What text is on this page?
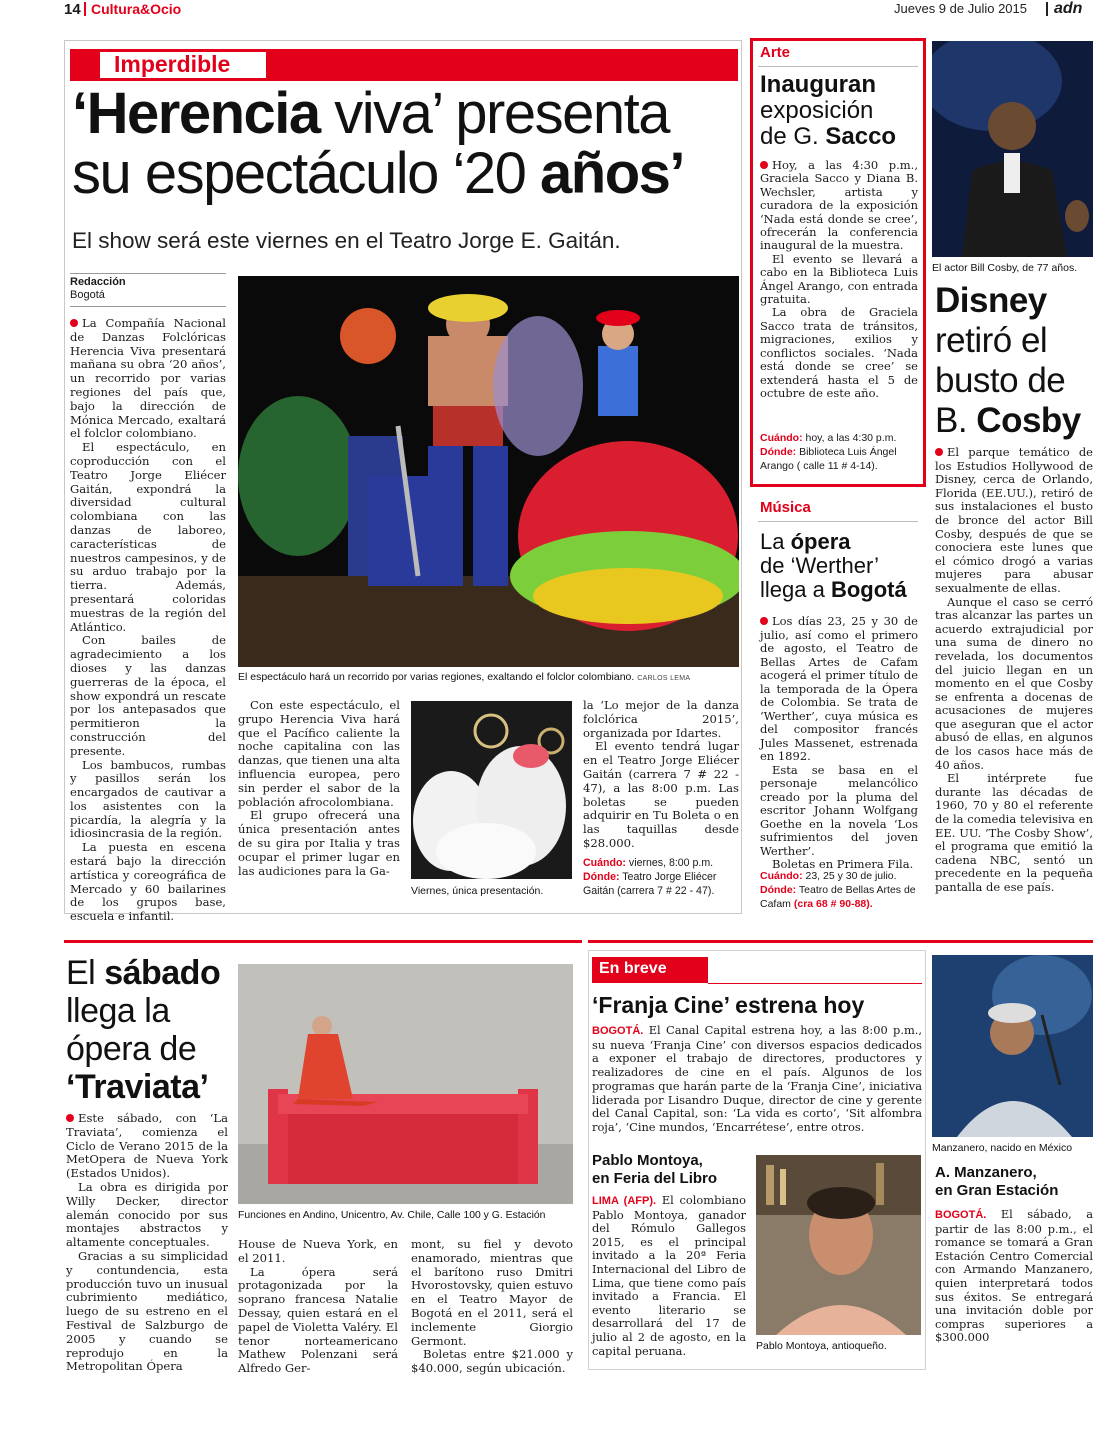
14 Cultura&Ocio	Jueves 9 de Julio 2015 adn
Imperdible
‘Herencia viva’ presenta
su espectáculo ‘20 años’
El show será este viernes en el Teatro Jorge E. Gaitán.
Redacción
Bogotá

La Compañía Nacional de Danzas Folclóricas Herencia Viva presentará mañana su obra ‘20 años’, un recorrido por varias regiones del país que, bajo la dirección de Mónica Mercado, exaltará el folclor colombiano.

El espectáculo, en coproducción con el Teatro Jorge Eliécer Gaitán, expondrá la diversidad cultural colombiana con las danzas de laboreo, características de nuestros campesinos, y de su arduo trabajo por la tierra. Además, presentará coloridas muestras de la región del Atlántico.

Con bailes de agradecimiento a los dioses y las danzas guerreras de la época, el show expondrá un rescate por los antepasados que permitieron la construcción del presente.

Los bambucos, rumbas y pasillos serán los encargados de cautivar a los asistentes con la picardía, la alegría y la idiosincrasia de la región.

La puesta en escena estará bajo la dirección artística y coreográfica de Mercado y 60 bailarines de los grupos base, escuela e infantil.

El espectáculo hará un recorrido por varias regiones, exaltando el folclor colombiano. CARLOS LEMA

Con este espectáculo, el grupo Herencia Viva hará que el Pacífico caliente la noche capitalina con las danzas, que tienen una alta influencia europea, pero sin perder el sabor de la población afrocolombiana.

El grupo ofrecerá una única presentación antes de su gira por Italia y tras ocupar el primer lugar en las audiciones para la Ga-

Viernes, única presentación.

la ‘Lo mejor de la danza folclórica 2015’, organizada por Idartes.

El evento tendrá lugar en el Teatro Jorge Eliécer Gaitán (carrera 7 # 22 - 47), a las 8:00 p.m. Las boletas se pueden adquirir en Tu Boleta o en las taquillas desde $28.000.

Cuándo: viernes, 8:00 p.m.
Dónde: Teatro Jorge Eliécer Gaitán (carrera 7 # 22 - 47).
Arte
Inauguran
exposición
de G. Sacco

Hoy, a las 4:30 p.m., Graciela Sacco y Diana B. Wechsler, artista y curadora de la exposición ‘Nada está donde se cree’, ofrecerán la conferencia inaugural de la muestra.

El evento se llevará a cabo en la Biblioteca Luis Ángel Arango, con entrada gratuita.

La obra de Graciela Sacco trata de tránsitos, migraciones, exilios y conflictos sociales. ‘Nada está donde se cree’ se extenderá hasta el 5 de octubre de este año.

Cuándo: hoy, a las 4:30 p.m.
Dónde: Biblioteca Luis Ángel Arango ( calle 11 # 4-14).
Música
La ópera
de ‘Werther’
llega a Bogotá

Los días 23, 25 y 30 de julio, así como el primero de agosto, el Teatro de Bellas Artes de Cafam acogerá el primer título de la temporada de la Ópera de Colombia. Se trata de ‘Werther’, cuya música es del compositor francés Jules Massenet, estrenada en 1892.

Esta se basa en el personaje melancólico creado por la pluma del escritor Johann Wolfgang Goethe en la novela ‘Los sufrimientos del joven Werther’.

Boletas en Primera Fila.

Cuándo: 23, 25 y 30 de julio.
Dónde: Teatro de Bellas Artes de Cafam (cra 68 # 90-88).
El actor Bill Cosby, de 77 años.
Disney
retiró el
busto de
B. Cosby

El parque temático de los Estudios Hollywood de Disney, cerca de Orlando, Florida (EE.UU.), retiró de sus instalaciones el busto de bronce del actor Bill Cosby, después de que se conociera este lunes que el cómico drogó a varias mujeres para abusar sexualmente de ellas.

Aunque el caso se cerró tras alcanzar las partes un acuerdo extrajudicial por una suma de dinero no revelada, los documentos del juicio llegan en un momento en el que Cosby se enfrenta a docenas de acusaciones de mujeres que aseguran que el actor abusó de ellas, en algunos de los casos hace más de 40 años.

El intérprete fue durante las décadas de 1960, 70 y 80 el referente de la comedia televisiva en EE. UU. ‘The Cosby Show’, el programa que emitió la cadena NBC, sentó un precedente en la pequeña pantalla de ese país.

El sábado
llega la
ópera de
‘Traviata’

Este sábado, con ‘La Traviata’, comienza el Ciclo de Verano 2015 de la MetOpera de Nueva York (Estados Unidos).

La obra es dirigida por Willy Decker, director alemán conocido por sus montajes abstractos y altamente conceptuales.

Gracias a su simplicidad y contundencia, esta producción tuvo un inusual cubrimiento mediático, luego de su estreno en el Festival de Salzburgo de 2005 y cuando se reprodujo en la Metropolitan Ópera

Funciones en Andino, Unicentro, Av. Chile, Calle 100 y G. Estación

House de Nueva York, en el 2011.

La ópera será protagonizada por la soprano francesa Natalie Dessay, quien estará en el papel de Violetta Valéry. El tenor norteamericano Mathew Polenzani será Alfredo Ger-

mont, su fiel y devoto enamorado, mientras que el barítono ruso Dmitri Hvorostovsky, quien estuvo en el Teatro Mayor de Bogotá en el 2011, será el inclemente Giorgio Germont.

Boletas entre $21.000 y $40.000, según ubicación.

En breve
‘Franja Cine’ estrena hoy

BOGOTÁ. El Canal Capital estrena hoy, a las 8:00 p.m., su nueva ‘Franja Cine’ con diversos espacios dedicados a exponer el trabajo de directores, productores y realizadores de cine en el país. Algunos de los programas que harán parte de la ‘Franja Cine’, iniciativa liderada por Lisandro Duque, director de cine y gerente del Canal Capital, son: ‘La vida es corto’, ‘Sit alfombra roja’, ‘Cine mundos, ‘Encarrétese’, entre otros.

Pablo Montoya,
en Feria del Libro

LIMA (AFP). El colombiano Pablo Montoya, ganador del Rómulo Gallegos 2015, es el principal invitado a la 20ª Feria Internacional del Libro de Lima, que tiene como país invitado a Francia. El evento literario se desarrollará del 17 de julio al 2 de agosto, en la capital peruana.	Pablo Montoya, antioqueño.
Manzanero, nacido en México
A. Manzanero,
en Gran Estación

BOGOTÁ. El sábado, a partir de las 8:00 p.m., el romance se tomará a Gran Estación Centro Comercial con Armando Manzanero, quien interpretará todos sus éxitos. Se entregará una invitación doble por compras superiores a $300.000
